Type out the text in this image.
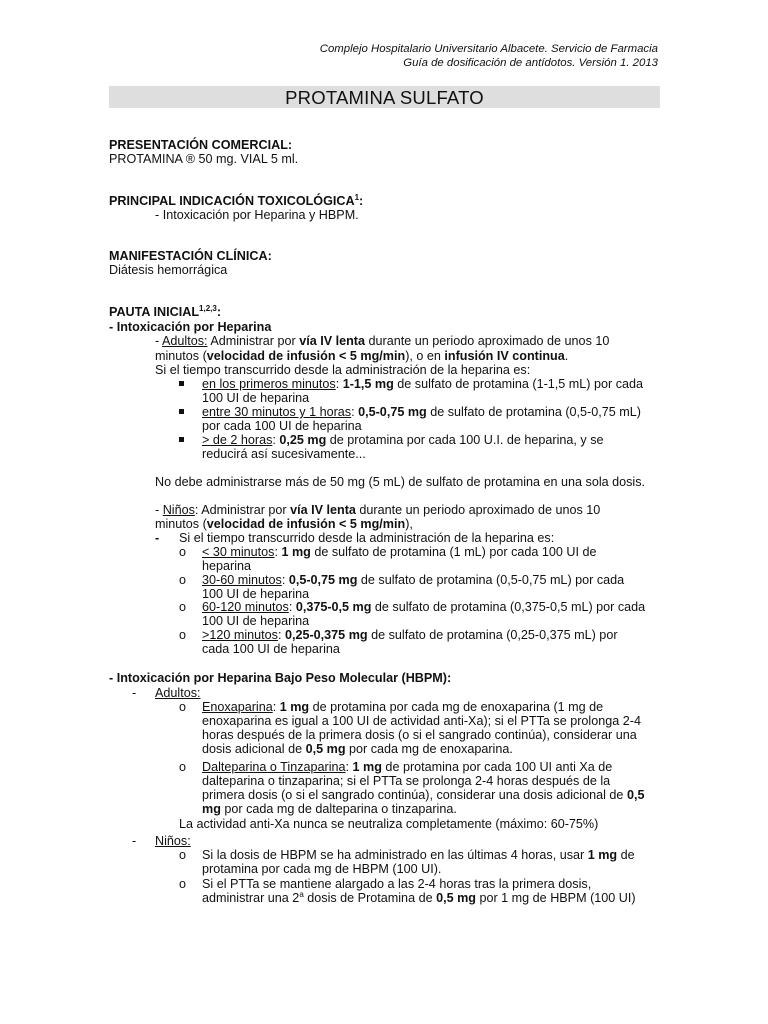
Complejo Hospitalario Universitario Albacete. Servicio de Farmacia
Guía de dosificación de antídotos. Versión 1. 2013
PROTAMINA SULFATO
PRESENTACIÓN COMERCIAL:
PROTAMINA ® 50 mg. VIAL 5 ml.
PRINCIPAL INDICACIÓN TOXICOLÓGICA$^1$:
- Intoxicación por Heparina y HBPM.
MANIFESTACIÓN CLÍNICA:
Diátesis hemorrágica
PAUTA INICIAL$^{1,2,3}$:
- Intoxicación por Heparina
- Adultos: Administrar por vía IV lenta durante un periodo aproximado de unos 10
minutos (velocidad de infusión < 5 mg/min), o en infusión IV continua.
Si el tiempo transcurrido desde la administración de la heparina es:
en los primeros minutos: 1-1,5 mg de sulfato de protamina (1-1,5 mL) por cada
100 UI de heparina
entre 30 minutos y 1 horas: 0,5-0,75 mg de sulfato de protamina (0,5-0,75 mL)
por cada 100 UI de heparina
> de 2 horas: 0,25 mg de protamina por cada 100 U.I. de heparina, y se
reducirá así sucesivamente...
No debe administrarse más de 50 mg (5 mL) de sulfato de protamina en una sola dosis.
- Niños: Administrar por vía IV lenta durante un periodo aproximado de unos 10
minutos (velocidad de infusión < 5 mg/min),
- Si el tiempo transcurrido desde la administración de la heparina es:
o < 30 minutos: 1 mg de sulfato de protamina (1 mL) por cada 100 UI de
heparina
o 30-60 minutos: 0,5-0,75 mg de sulfato de protamina (0,5-0,75 mL) por cada
100 UI de heparina
o 60-120 minutos: 0,375-0,5 mg de sulfato de protamina (0,375-0,5 mL) por cada
100 UI de heparina
o >120 minutos: 0,25-0,375 mg de sulfato de protamina (0,25-0,375 mL) por
cada 100 UI de heparina
- Intoxicación por Heparina Bajo Peso Molecular (HBPM):
- Adultos:
o Enoxaparina: 1 mg de protamina por cada mg de enoxaparina (1 mg de
enoxaparina es igual a 100 UI de actividad anti-Xa); si el PTTa se prolonga 2-4
horas después de la primera dosis (o si el sangrado continúa), considerar una
dosis adicional de 0,5 mg por cada mg de enoxaparina.
o Dalteparina o Tinzaparina: 1 mg de protamina por cada 100 UI anti Xa de
dalteparina o tinzaparina; si el PTTa se prolonga 2-4 horas después de la
primera dosis (o si el sangrado continúa), considerar una dosis adicional de 0,5
mg por cada mg de dalteparina o tinzaparina.
La actividad anti-Xa nunca se neutraliza completamente (máximo: 60-75%)
- Niños:
o Si la dosis de HBPM se ha administrado en las últimas 4 horas, usar 1 mg de
protamina por cada mg de HBPM (100 UI).
o Si el PTTa se mantiene alargado a las 2-4 horas tras la primera dosis,
administrar una 2$^a$ dosis de Protamina de 0,5 mg por 1 mg de HBPM (100 UI)
